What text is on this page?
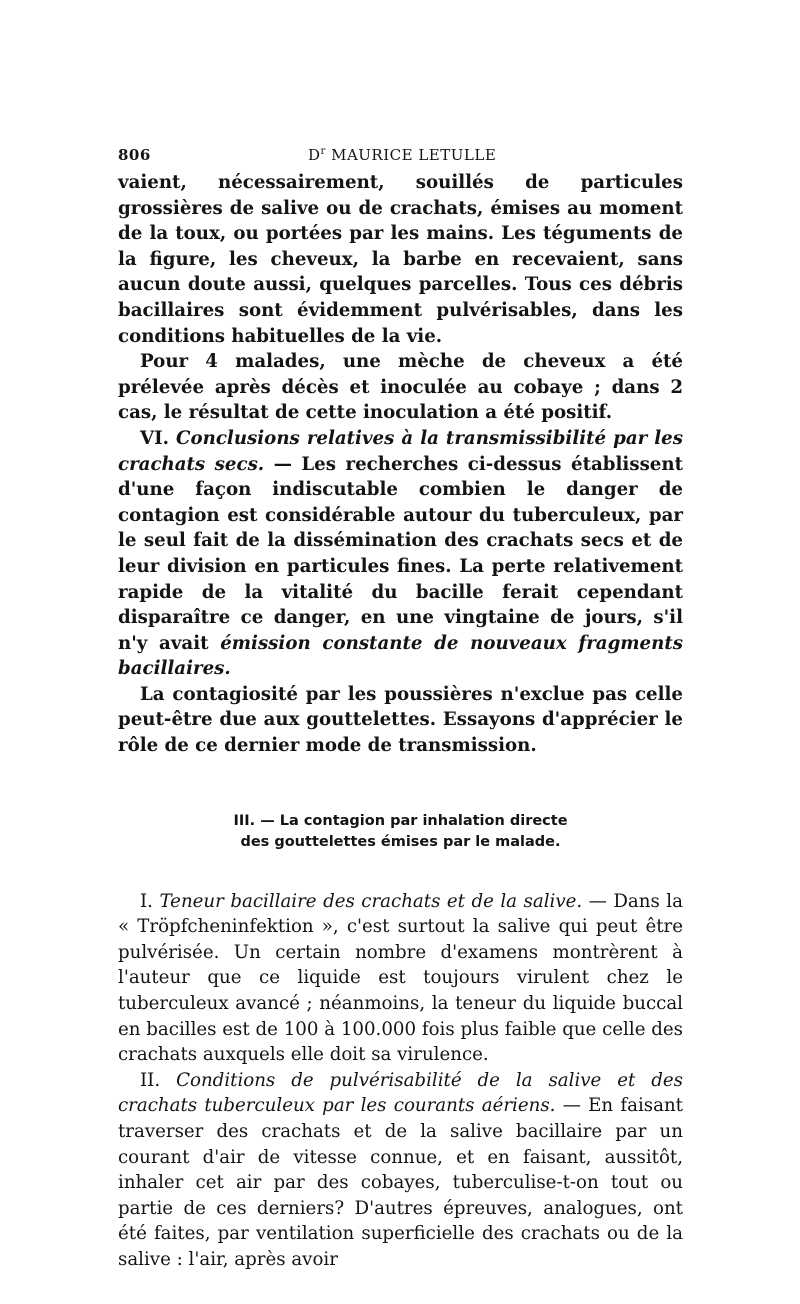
806	$D^r$ MAURICE LETULLE

vaient, nécessairement, souillés de particules grossières de salive ou de crachats, émises au moment de la toux, ou portées par les mains. Les téguments de la figure, les cheveux, la barbe en recevaient, sans aucun doute aussi, quelques parcelles. Tous ces débris bacillaires sont évidemment pulvérisables, dans les conditions habituelles de la vie.

Pour 4 malades, une mèche de cheveux a été prélevée après décès et inoculée au cobaye ; dans 2 cas, le résultat de cette inoculation a été positif.

VI. Conclusions relatives à la transmissibilité par les crachats secs. — Les recherches ci-dessus établissent d'une façon indiscutable combien le danger de contagion est considérable autour du tuberculeux, par le seul fait de la dissémination des crachats secs et de leur division en particules fines. La perte relativement rapide de la vitalité du bacille ferait cependant disparaître ce danger, en une vingtaine de jours, s'il n'y avait émission constante de nouveaux fragments bacillaires.

La contagiosité par les poussières n'exclue pas celle peut-être due aux gouttelettes. Essayons d'apprécier le rôle de ce dernier mode de transmission.

III. — La contagion par inhalation directe
des gouttelettes émises par le malade.

I. Teneur bacillaire des crachats et de la salive. — Dans la « Tröpfcheninfektion », c'est surtout la salive qui peut être pulvérisée. Un certain nombre d'examens montrèrent à l'auteur que ce liquide est toujours virulent chez le tuberculeux avancé ; néanmoins, la teneur du liquide buccal en bacilles est de 100 à 100.000 fois plus faible que celle des crachats auxquels elle doit sa virulence.

II. Conditions de pulvérisabilité de la salive et des crachats tuberculeux par les courants aériens. — En faisant traverser des crachats et de la salive bacillaire par un courant d'air de vitesse connue, et en faisant, aussitôt, inhaler cet air par des cobayes, tuberculise-t-on tout ou partie de ces derniers? D'autres épreuves, analogues, ont été faites, par ventilation superficielle des crachats ou de la salive : l'air, après avoir
